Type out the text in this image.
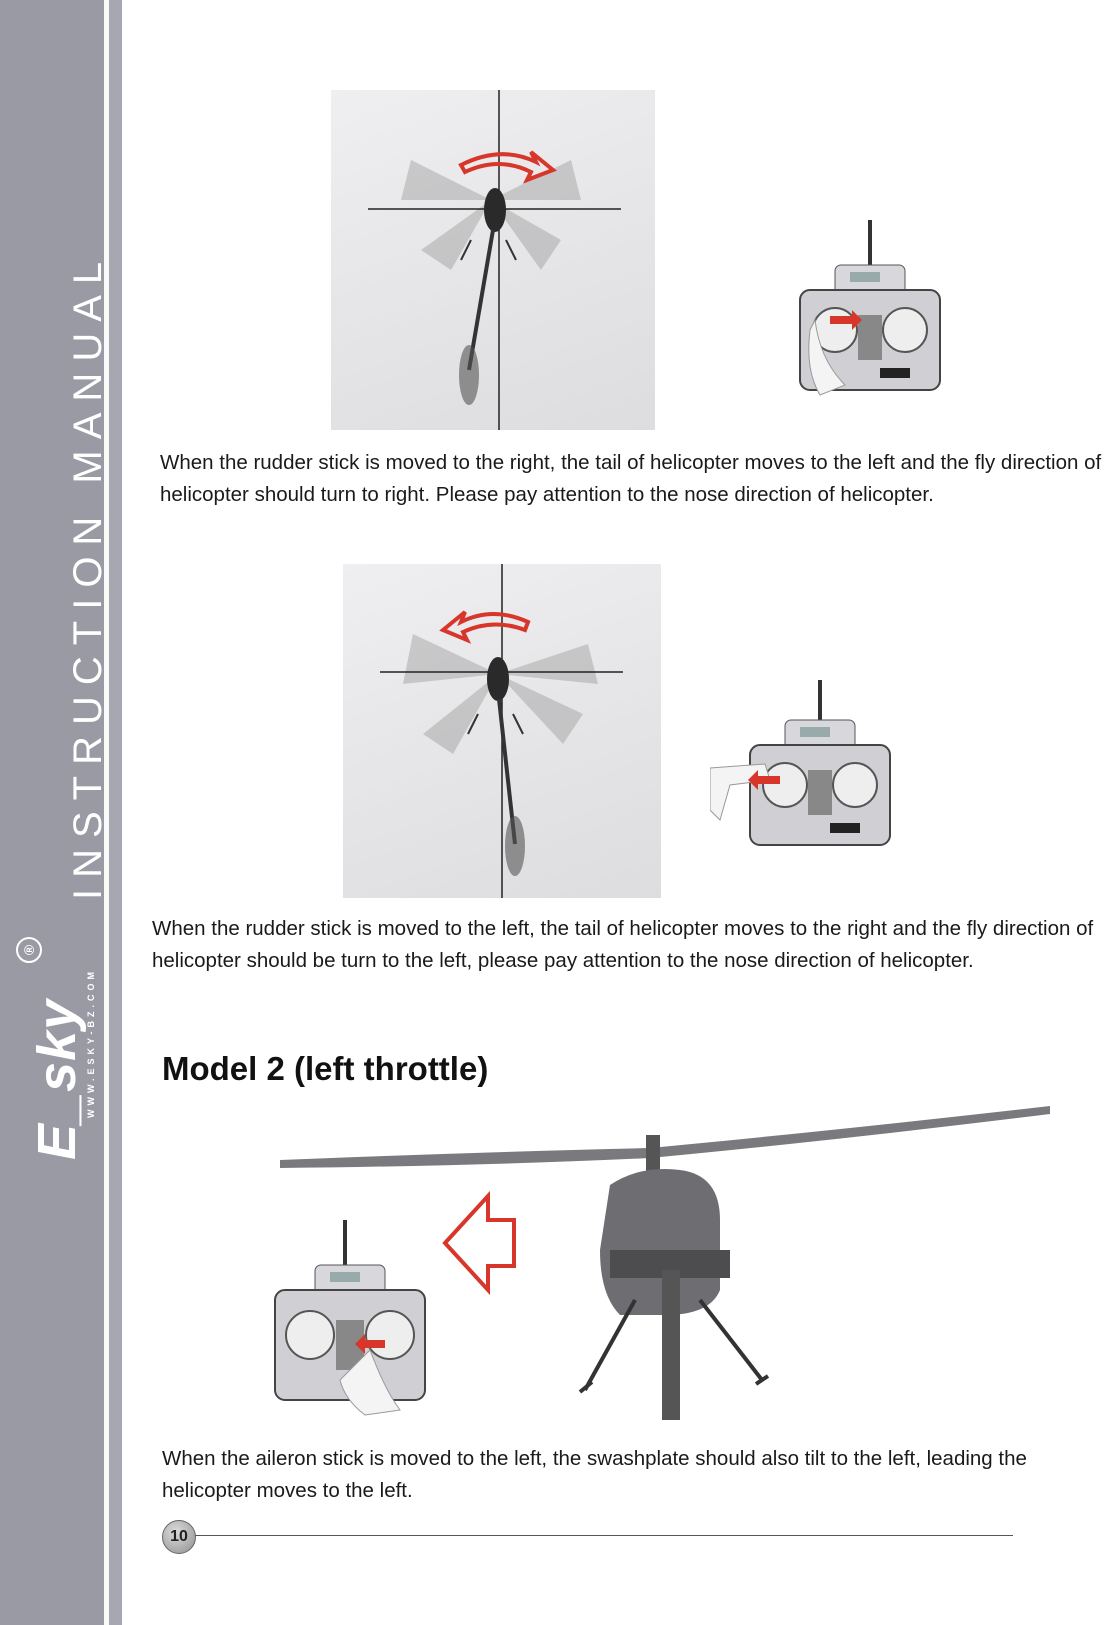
INSTRUCTION MANUAL
®
E_sky WWW.ESKY-BZ.COM
When the rudder stick is moved to the right, the tail of helicopter moves to the left and the fly direction of helicopter should turn to right. Please pay attention to the nose direction of helicopter.
When the rudder stick is moved to the left, the tail of helicopter moves to the right and the fly direction of helicopter should be turn to the left, please pay attention to the nose direction of helicopter.
Model 2 (left throttle)
When the aileron stick is moved to the left, the swashplate should also tilt to the left, leading the helicopter moves to the left.
10
